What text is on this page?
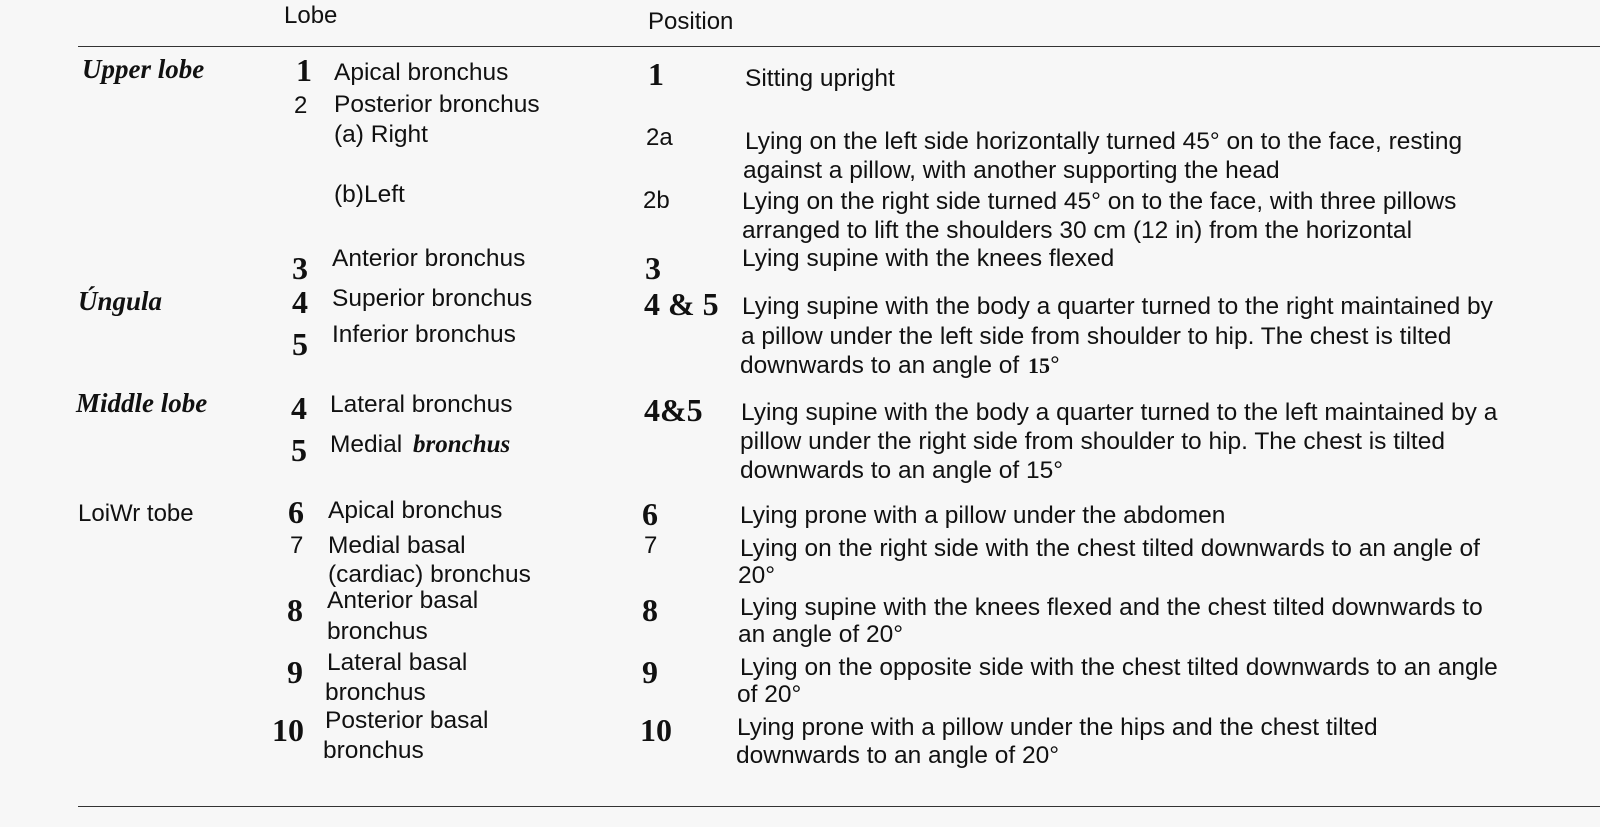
Lobe	Position
Upper lobe
Úngula
Middle lobe
LoiWr tobe
1
2
3
4
5
4
5
6
7
8
9
10
Apical bronchus
Posterior bronchus
(a) Right
(b)Left
Anterior bronchus
Superior bronchus
Inferior bronchus
Lateral bronchus
Medial bronchus
Apical bronchus
Medial basal
(cardiac) bronchus
Anterior basal
bronchus
Lateral basal
bronchus
Posterior basal
bronchus
1
2a
2b
3
4 & 5
4&5
6
7
8
9
10
Sitting upright
Lying on the left side horizontally turned 45° on to the face, resting
against a pillow, with another supporting the head
Lying on the right side turned 45° on to the face, with three pillows
arranged to lift the shoulders 30 cm (12 in) from the horizontal
Lying supine with the knees flexed
Lying supine with the body a quarter turned to the right maintained by
a pillow under the left side from shoulder to hip. The chest is tilted
downwards to an angle of 15°
Lying supine with the body a quarter turned to the left maintained by a
pillow under the right side from shoulder to hip. The chest is tilted
downwards to an angle of 15°
Lying prone with a pillow under the abdomen
Lying on the right side with the chest tilted downwards to an angle of
20°
Lying supine with the knees flexed and the chest tilted downwards to
an angle of 20°
Lying on the opposite side with the chest tilted downwards to an angle
of 20°
Lying prone with a pillow under the hips and the chest tilted
downwards to an angle of 20°
